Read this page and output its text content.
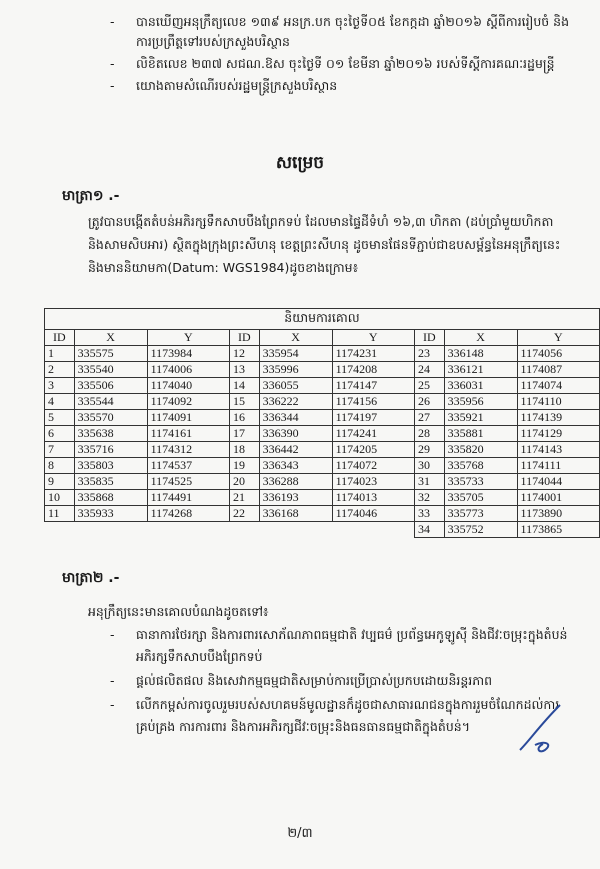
- បានឃើញអនុក្រឹត្យលេខ ១៣៩ អនក្រ.បក ចុះថ្ងៃទី០៥ ខែកក្កដា ឆ្នាំ២០១៦ ស្តីពីការរៀបចំ និងការប្រព្រឹត្តទៅរបស់ក្រសួងបរិស្ថាន
- លិខិតលេខ ២៣៧ សជណ.ឱស ចុះថ្ងៃទី ០១ ខែមីនា ឆ្នាំ២០១៦ របស់ទីស្តីការគណៈរដ្ឋមន្ត្រី
- យោងតាមសំណើរបស់រដ្ឋមន្ត្រីក្រសួងបរិស្ថាន
សម្រេច
មាត្រា១ .-
ត្រូវបានបង្កើតតំបន់អភិរក្សទឹកសាបបឹងព្រែកទប់ ដែលមានផ្ទៃដីទំហំ ១៦,៣ ហិកតា (ដប់ប្រាំមួយហិកតានិងសាមសិបអារ) ស្ថិតក្នុងក្រុងព្រះសីហនុ ខេត្តព្រះសីហនុ ដូចមានផែនទីភ្ជាប់ជាឧបសម្ព័ន្ធនៃអនុក្រឹត្យនេះ និងមាននិយាមកា(Datum: WGS1984)ដូចខាងក្រោម៖
និយាមការគោល								
ID	X	Y	ID	X	Y	ID	X	Y
1	335575	1173984	12	335954	1174231	23	336148	1174056
2	335540	1174006	13	335996	1174208	24	336121	1174087
3	335506	1174040	14	336055	1174147	25	336031	1174074
4	335544	1174092	15	336222	1174156	26	335956	1174110
5	335570	1174091	16	336344	1174197	27	335921	1174139
6	335638	1174161	17	336390	1174241	28	335881	1174129
7	335716	1174312	18	336442	1174205	29	335820	1174143
8	335803	1174537	19	336343	1174072	30	335768	1174111
9	335835	1174525	20	336288	1174023	31	335733	1174044
10	335868	1174491	21	336193	1174013	32	335705	1174001
11	335933	1174268	22	336168	1174046	33	335773	1173890
						34	335752	1173865
មាត្រា២ .-
អនុក្រឹត្យនេះមានគោលបំណងដូចតទៅ៖
- ធានាការថែរក្សា និងការពារសោភ័ណភាពធម្មជាតិ វប្បធម៌ ប្រព័ន្ធអេកូឡូស៊ី និងជីវៈចម្រុះក្នុងតំបន់អភិរក្សទឹកសាបបឹងព្រែកទប់
- ផ្តល់ផលិតផល និងសេវាកម្មធម្មជាតិសម្រាប់ការប្រើប្រាស់ប្រកបដោយនិរន្តរភាព
- លើកកម្ពស់ការចូលរួមរបស់សហគមន៍មូលដ្ឋានក៏ដូចជាសាធារណជនក្នុងការរួមចំណែកដល់ការគ្រប់គ្រង ការការពារ និងការអភិរក្សជីវៈចម្រុះនិងធនធានធម្មជាតិក្នុងតំបន់។
២/៣
